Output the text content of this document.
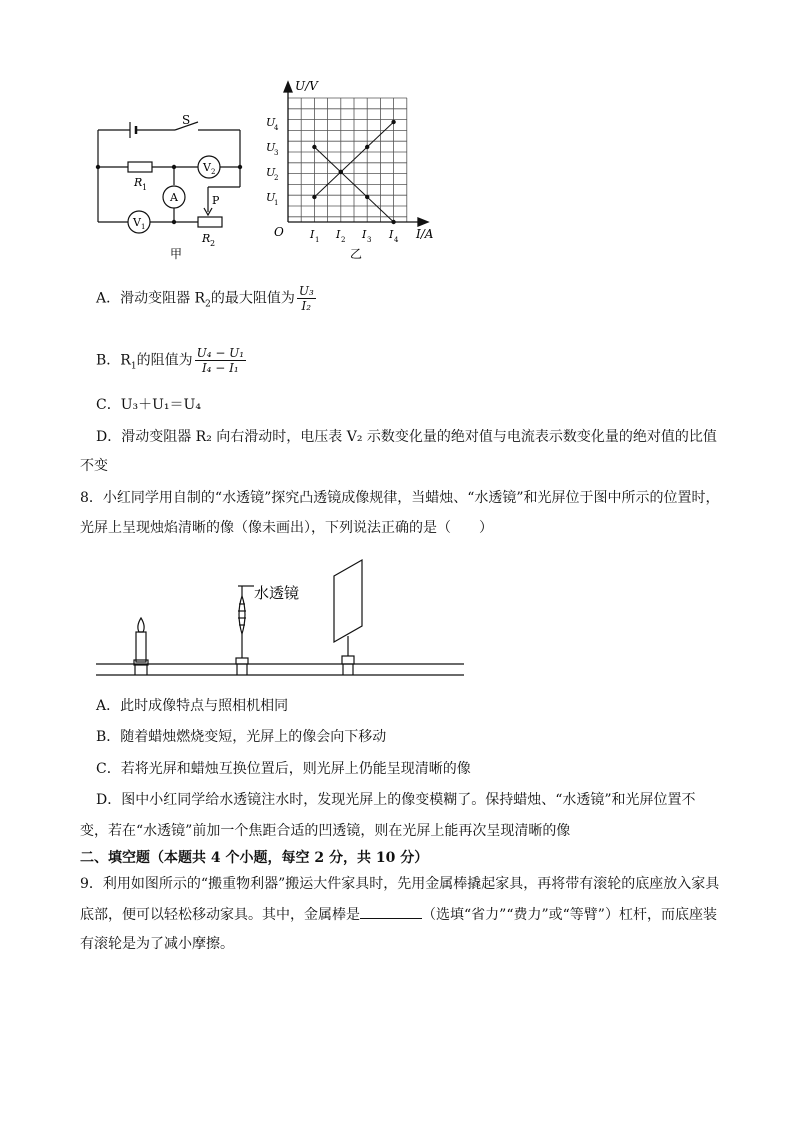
S
R 1
V 2
A
V 1
P
R 2
甲
U/V
I/A
O
U
4
U
3
U
2
U
1
I 1 I 2 I 3 I 4
乙
A．滑动变阻器 $R_2$的最大阻值为 $\frac{\text{U₃}}{\text{I₂}}$
B．$R_1$的阻值为 $\frac{\text{U₄ − U₁}}{\text{I₄ − I₁}}$
C．U₃＋U₁＝U₄
D．滑动变阻器 R₂ 向右滑动时，电压表 V₂ 示数变化量的绝对值与电流表示数变化量的绝对值的比值
不变
8．小红同学用自制的“水透镜”探究凸透镜成像规律，当蜡烛、“水透镜”和光屏位于图中所示的位置时，
光屏上呈现烛焰清晰的像（像未画出），下列说法正确的是（　　）
水透镜
A．此时成像特点与照相机相同
B．随着蜡烛燃烧变短，光屏上的像会向下移动
C．若将光屏和蜡烛互换位置后，则光屏上仍能呈现清晰的像
D．图中小红同学给水透镜注水时，发现光屏上的像变模糊了。保持蜡烛、“水透镜”和光屏位置不
变，若在“水透镜”前加一个焦距合适的凹透镜，则在光屏上能再次呈现清晰的像
二、填空题（本题共 4 个小题，每空 2 分，共 10 分）
9．利用如图所示的“搬重物利器”搬运大件家具时，先用金属棒撬起家具，再将带有滚轮的底座放入家具
底部，便可以轻松移动家具。其中，金属棒是	（选填“省力”“费力”或“等臂”）杠杆，而底座装
有滚轮是为了减小摩擦。
